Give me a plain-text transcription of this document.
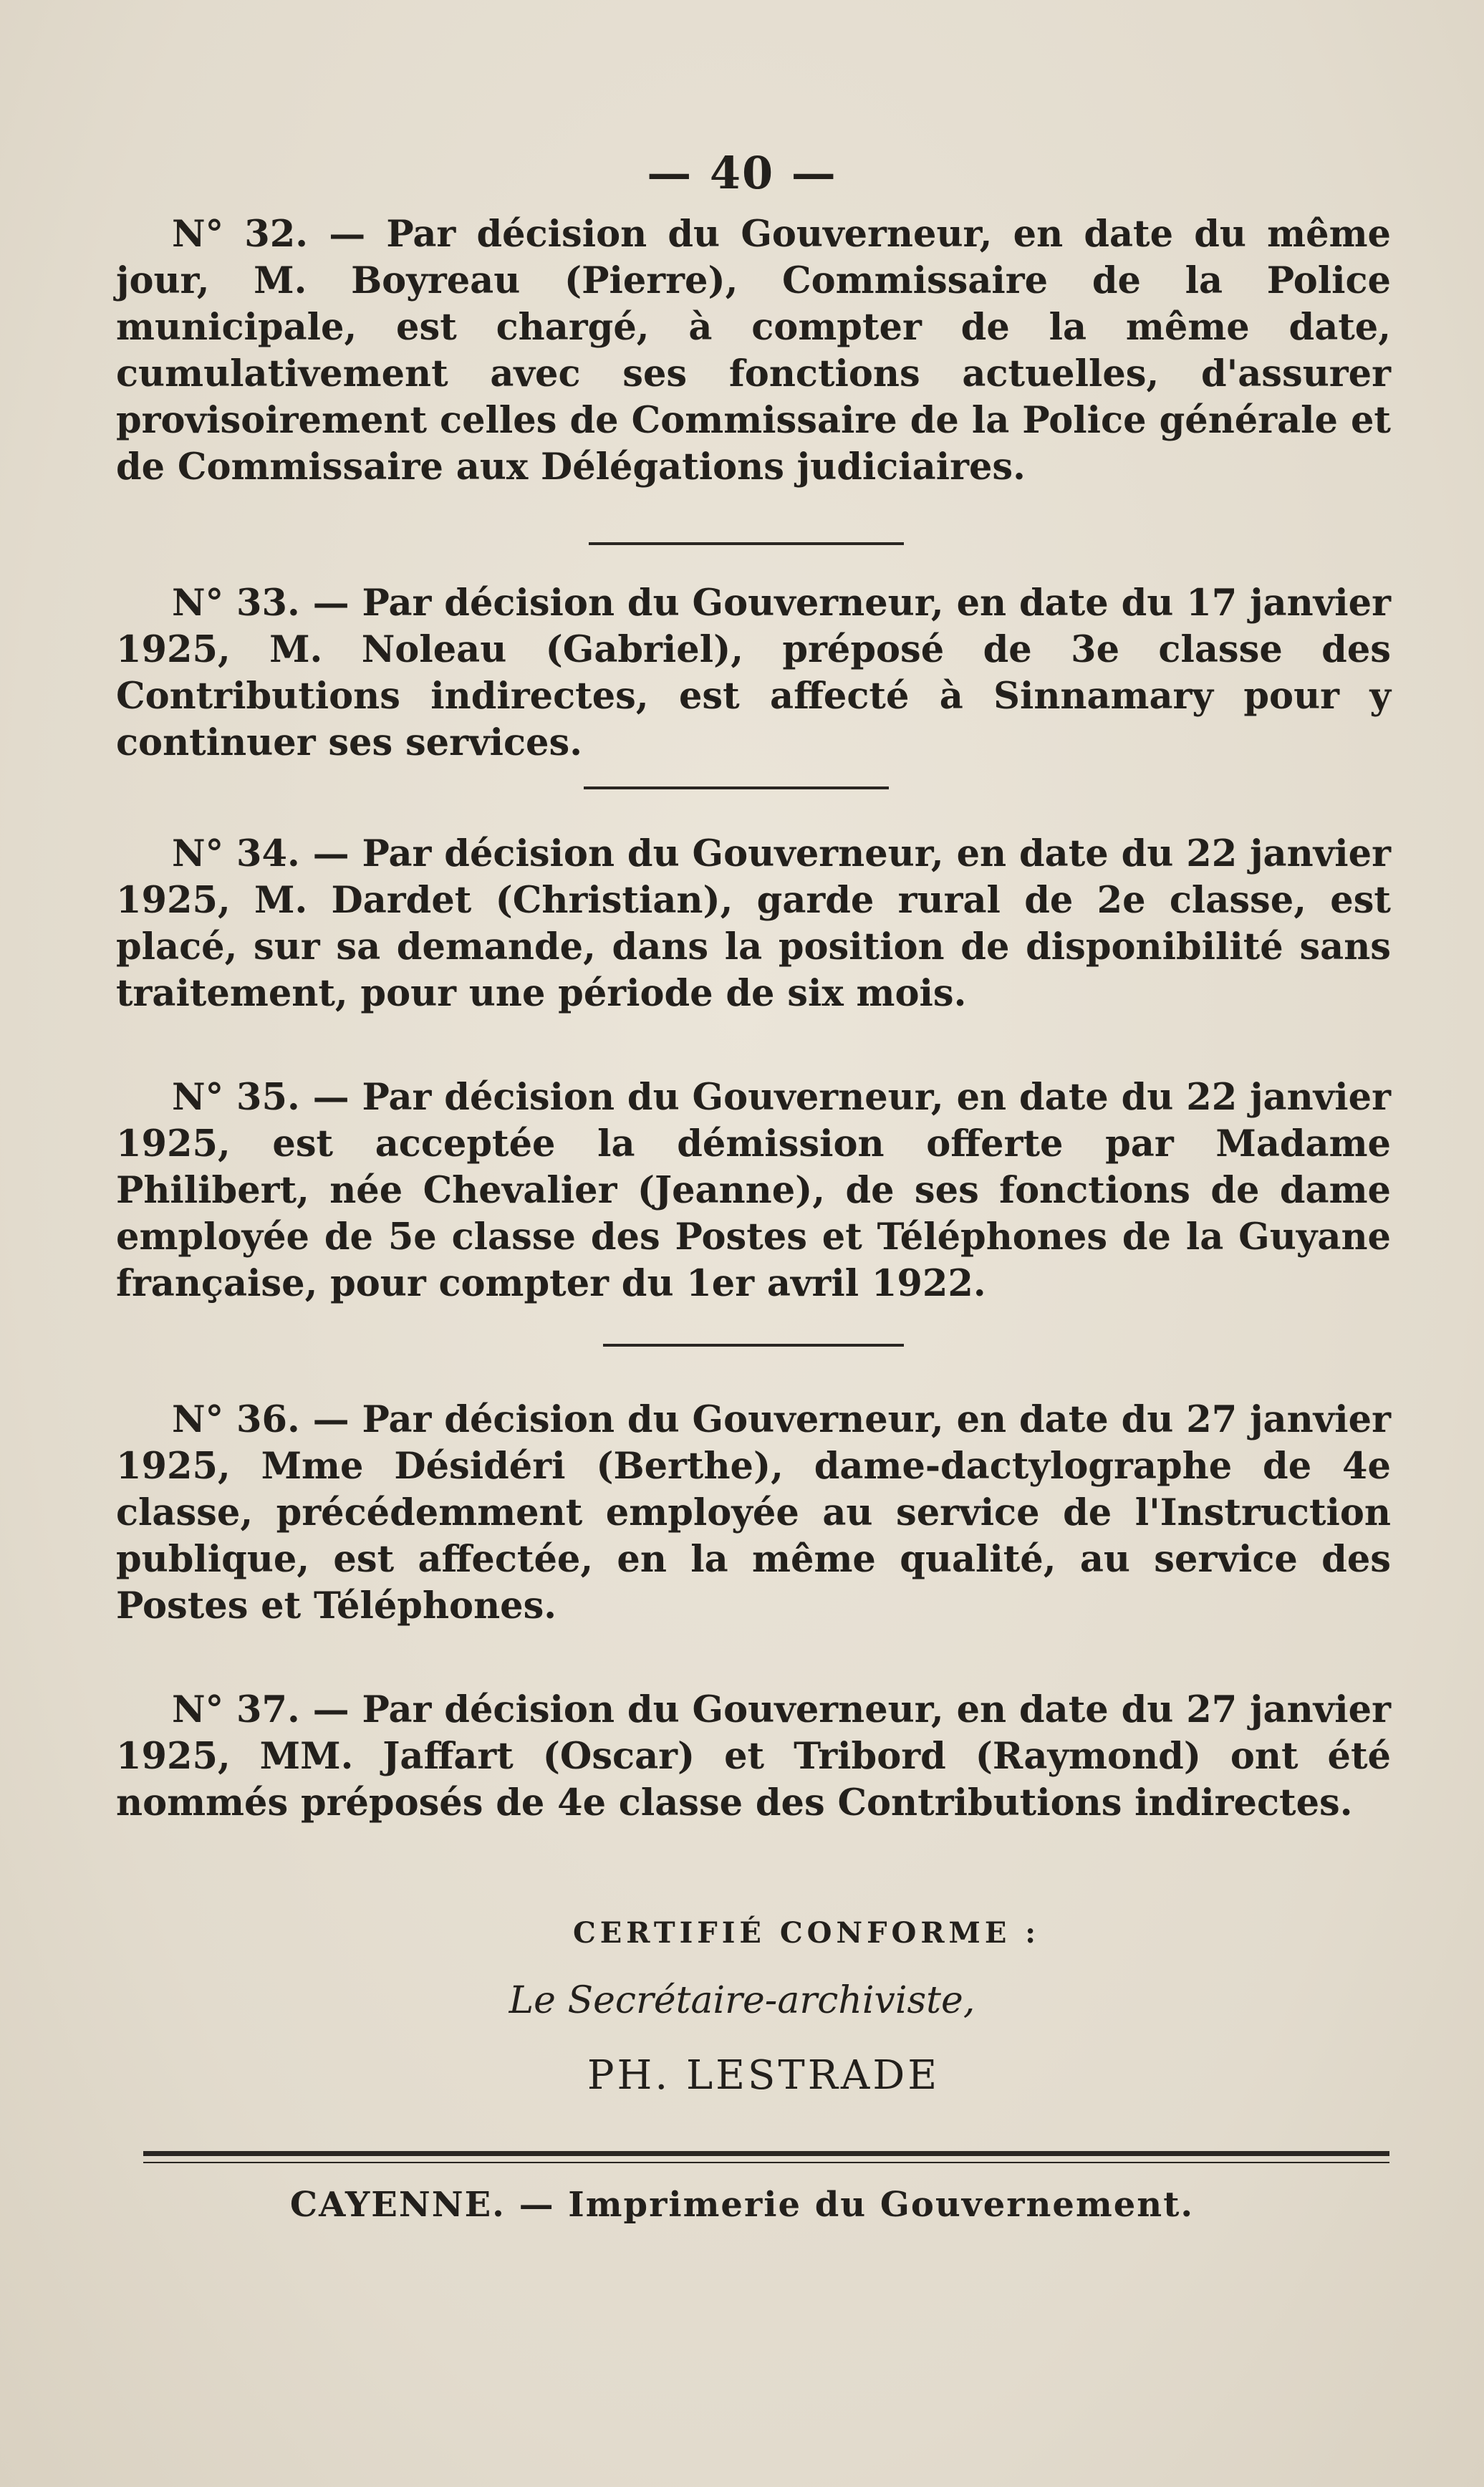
— 40 —

N° 32. — Par décision du Gouverneur, en date du même jour, M. Boyreau (Pierre), Commissaire de la Police municipale, est chargé, à compter de la même date, cumulativement avec ses fonctions actuelles, d'assurer provisoirement celles de Commissaire de la Police générale et de Commissaire aux Délégations judiciaires.

N° 33. — Par décision du Gouverneur, en date du 17 janvier 1925, M. Noleau (Gabriel), préposé de 3e classe des Contributions indirectes, est affecté à Sinnamary pour y continuer ses services.

N° 34. — Par décision du Gouverneur, en date du 22 janvier 1925, M. Dardet (Christian), garde rural de 2e classe, est placé, sur sa demande, dans la position de disponibilité sans traitement, pour une période de six mois.

N° 35. — Par décision du Gouverneur, en date du 22 janvier 1925, est acceptée la démission offerte par Madame Philibert, née Chevalier (Jeanne), de ses fonctions de dame employée de 5e classe des Postes et Téléphones de la Guyane française, pour compter du 1er avril 1922.

N° 36. — Par décision du Gouverneur, en date du 27 janvier 1925, Mme Désidéri (Berthe), dame-dactylographe de 4e classe, précédemment employée au service de l'Instruction publique, est affectée, en la même qualité, au service des Postes et Téléphones.

N° 37. — Par décision du Gouverneur, en date du 27 janvier 1925, MM. Jaffart (Oscar) et Tribord (Raymond) ont été nommés préposés de 4e classe des Contributions indirectes.

CERTIFIÉ CONFORME :
Le Secrétaire-archiviste,
PH. LESTRADE
CAYENNE. — Imprimerie du Gouvernement.
